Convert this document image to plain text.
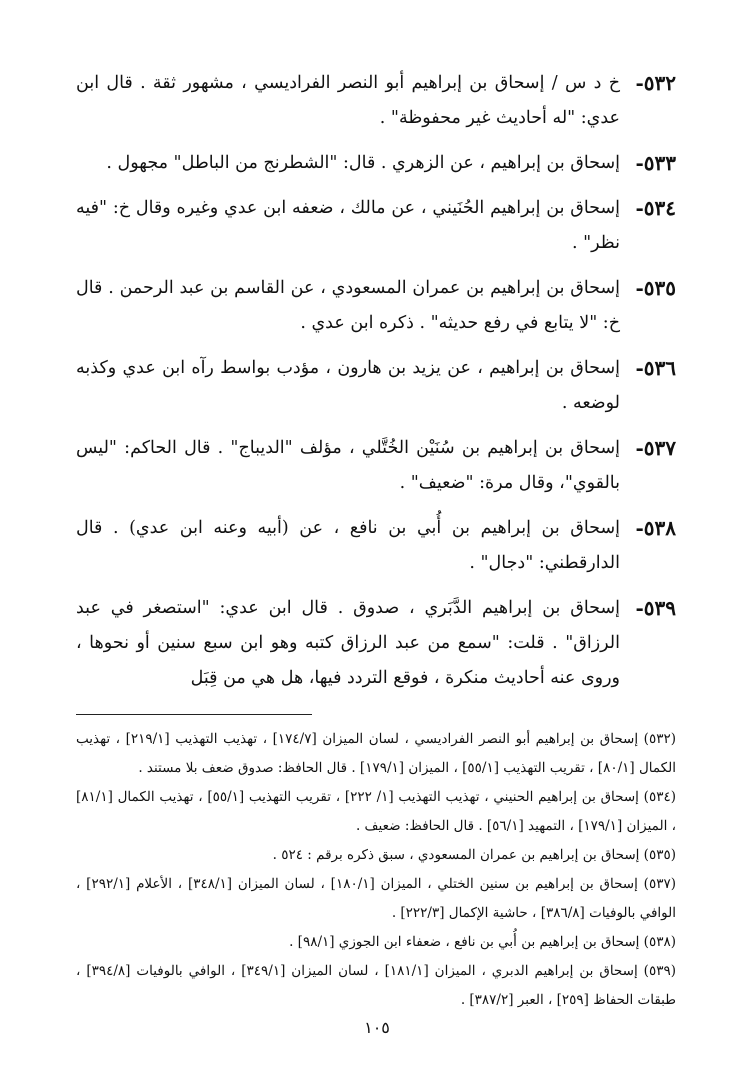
٥٣٢-
خ د س / إسحاق بن إبراهيم أبو النصر الفراديسي ، مشهور ثقة . قال ابن عدي: "له أحاديث غير محفوظة" .
٥٣٣-
إسحاق بن إبراهيم ، عن الزهري . قال: "الشطرنج من الباطل" مجهول .
٥٣٤-
إسحاق بن إبراهيم الحُنَيني ، عن مالك ، ضعفه ابن عدي وغيره وقال خ: "فيه نظر" .
٥٣٥-
إسحاق بن إبراهيم بن عمران المسعودي ، عن القاسم بن عبد الرحمن . قال خ: "لا يتابع في رفع حديثه" . ذكره ابن عدي .
٥٣٦-
إسحاق بن إبراهيم ، عن يزيد بن هارون ، مؤدب بواسط رآه ابن عدي وكذبه لوضعه .
٥٣٧-
إسحاق بن إبراهيم بن سُنَيْن الخُتَّلي ، مؤلف "الديباج" . قال الحاكم: "ليس بالقوي"، وقال مرة: "ضعيف" .
٥٣٨-
إسحاق بن إبراهيم بن أُبي بن نافع ، عن (أبيه وعنه ابن عدي) . قال الدارقطني: "دجال" .
٥٣٩-
إسحاق بن إبراهيم الدَّبَري ، صدوق . قال ابن عدي: "استصغر في عبد الرزاق" . قلت: "سمع من عبد الرزاق كتبه وهو ابن سبع سنين أو نحوها ، وروى عنه أحاديث منكرة ، فوقع التردد فيها، هل هي من قِبَل
(٥٣٢) إسحاق بن إبراهيم أبو النصر الفراديسي ، لسان الميزان [١٧٤/٧] ، تهذيب التهذيب [٢١٩/١] ، تهذيب الكمال [٨٠/١] ، تقريب التهذيب [٥٥/١] ، الميزان [١٧٩/١] . قال الحافظ: صدوق ضعف بلا مستند .
(٥٣٤) إسحاق بن إبراهيم الحنيني ، تهذيب التهذيب [١/ ٢٢٢] ، تقريب التهذيب [٥٥/١] ، تهذيب الكمال [٨١/١] ، الميزان [١٧٩/١] ، التمهيد [٥٦/١] . قال الحافظ: ضعيف .
(٥٣٥) إسحاق بن إبراهيم بن عمران المسعودي ، سبق ذكره برقم : ٥٢٤ .
(٥٣٧) إسحاق بن إبراهيم بن سنين الختلي ، الميزان [١٨٠/١] ، لسان الميزان [٣٤٨/١] ، الأعلام [٢٩٢/١] ، الوافي بالوفيات [٣٨٦/٨] ، حاشية الإكمال [٢٢٢/٣] .
(٥٣٨) إسحاق بن إبراهيم بن أُبي بن نافع ، ضعفاء ابن الجوزي [٩٨/١] .
(٥٣٩) إسحاق بن إبراهيم الدبري ، الميزان [١٨١/١] ، لسان الميزان [٣٤٩/١] ، الوافي بالوفيات [٣٩٤/٨] ، طبقات الحفاظ [٢٥٩] ، العبر [٣٨٧/٢] .
١٠٥
